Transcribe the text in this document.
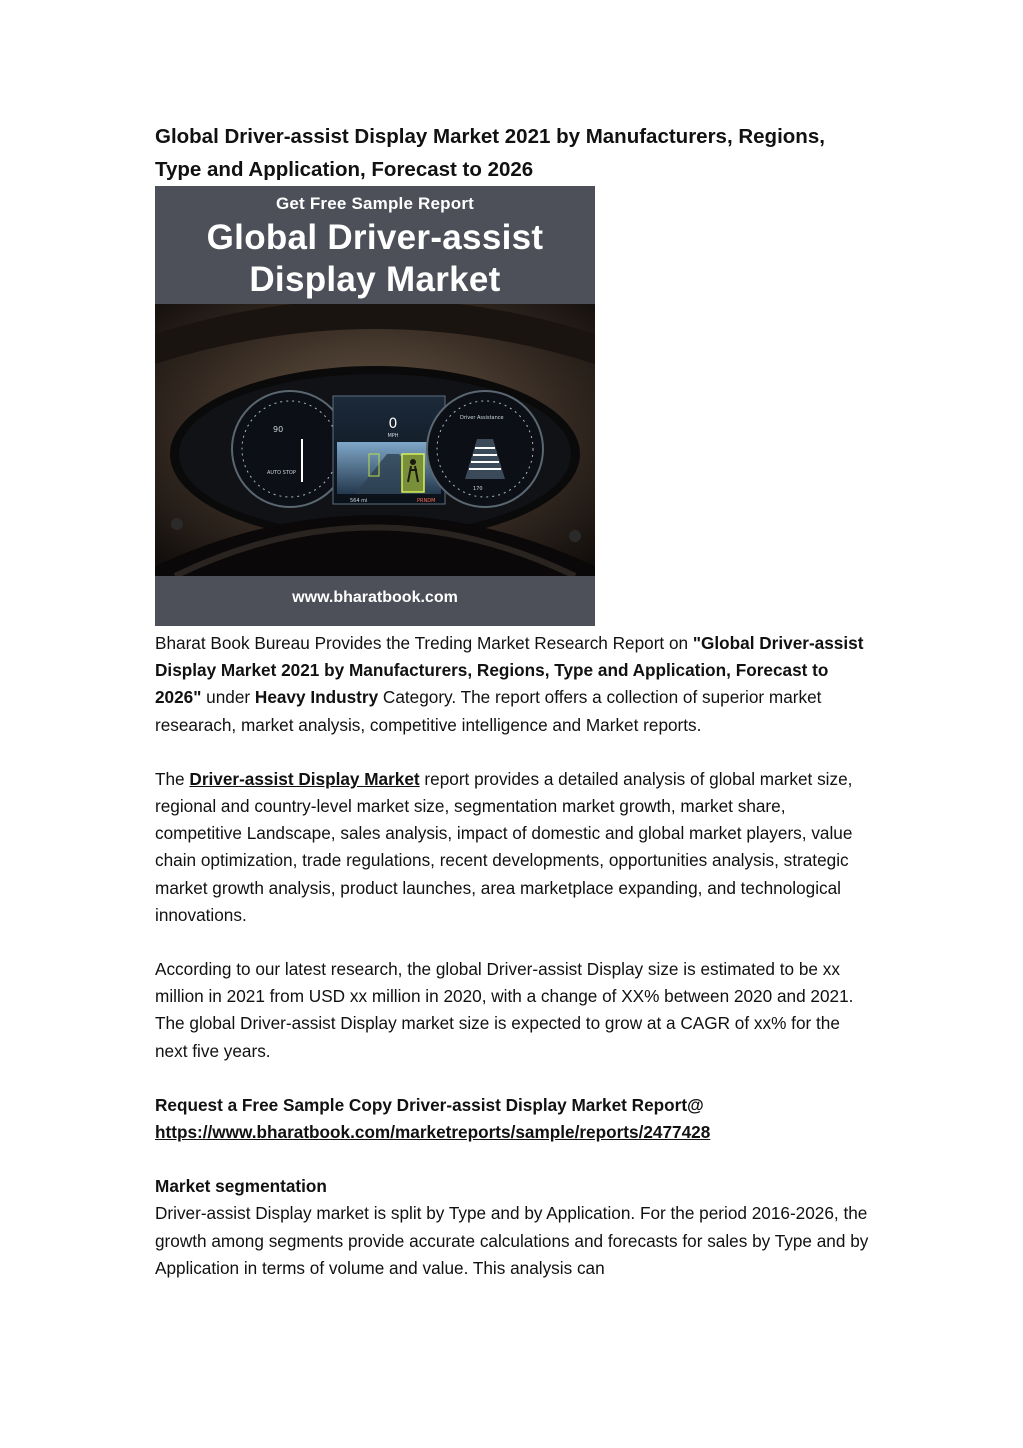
Global Driver-assist Display Market 2021 by Manufacturers, Regions,
Type and Application, Forecast to 2026
Get Free Sample Report
Global Driver-assist
Display Market
90
AUTO STOP
0
MPH
564 mi	PRNDM
Driver Assistance
170
www.bharatbook.com

Bharat Book Bureau Provides the Treding Market Research Report on "Global Driver-assist Display Market 2021 by Manufacturers, Regions, Type and Application, Forecast to 2026" under Heavy Industry Category. The report offers a collection of superior market researach, market analysis, competitive intelligence and Market reports.

The Driver-assist Display Market report provides a detailed analysis of global market size, regional and country-level market size, segmentation market growth, market share, competitive Landscape, sales analysis, impact of domestic and global market players, value chain optimization, trade regulations, recent developments, opportunities analysis, strategic market growth analysis, product launches, area marketplace expanding, and technological innovations.

According to our latest research, the global Driver-assist Display size is estimated to be xx million in 2021 from USD xx million in 2020, with a change of XX% between 2020 and 2021. The global Driver-assist Display market size is expected to grow at a CAGR of xx% for the next five years.

Request a Free Sample Copy Driver-assist Display Market Report@
https://www.bharatbook.com/marketreports/sample/reports/2477428

Market segmentation

Driver-assist Display market is split by Type and by Application. For the period 2016-2026, the growth among segments provide accurate calculations and forecasts for sales by Type and by Application in terms of volume and value. This analysis can
